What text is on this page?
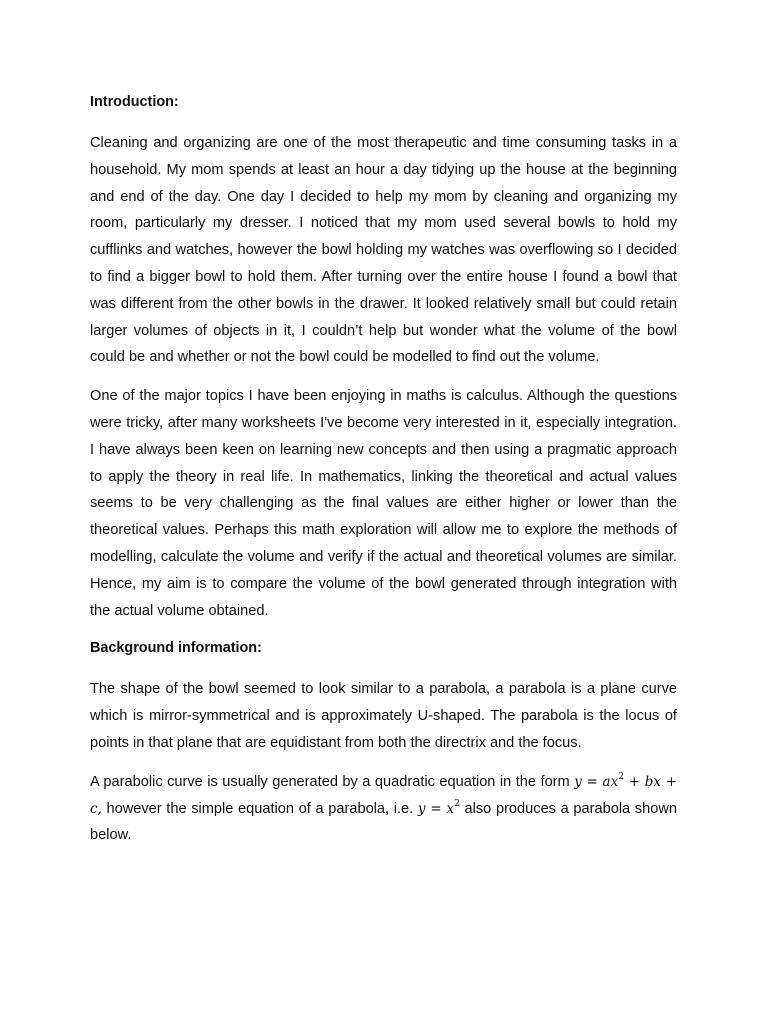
Introduction:

Cleaning and organizing are one of the most therapeutic and time consuming tasks in a household. My mom spends at least an hour a day tidying up the house at the beginning and end of the day. One day I decided to help my mom by cleaning and organizing my room, particularly my dresser. I noticed that my mom used several bowls to hold my cufflinks and watches, however the bowl holding my watches was overflowing so I decided to find a bigger bowl to hold them. After turning over the entire house I found a bowl that was different from the other bowls in the drawer. It looked relatively small but could retain larger volumes of objects in it, I couldn’t help but wonder what the volume of the bowl could be and whether or not the bowl could be modelled to find out the volume.

One of the major topics I have been enjoying in maths is calculus. Although the questions were tricky, after many worksheets I've become very interested in it, especially integration. I have always been keen on learning new concepts and then using a pragmatic approach to apply the theory in real life. In mathematics, linking the theoretical and actual values seems to be very challenging as the final values are either higher or lower than the theoretical values. Perhaps this math exploration will allow me to explore the methods of modelling, calculate the volume and verify if the actual and theoretical volumes are similar. Hence, my aim is to compare the volume of the bowl generated through integration with the actual volume obtained.

Background information:

The shape of the bowl seemed to look similar to a parabola, a parabola is a plane curve which is mirror-symmetrical and is approximately U-shaped. The parabola is the locus of points in that plane that are equidistant from both the directrix and the focus.

A parabolic curve is usually generated by a quadratic equation in the form $y = ax^2$ + bx + c, however the simple equation of a parabola, i.e. $y = x^2$ also produces a parabola shown below.
